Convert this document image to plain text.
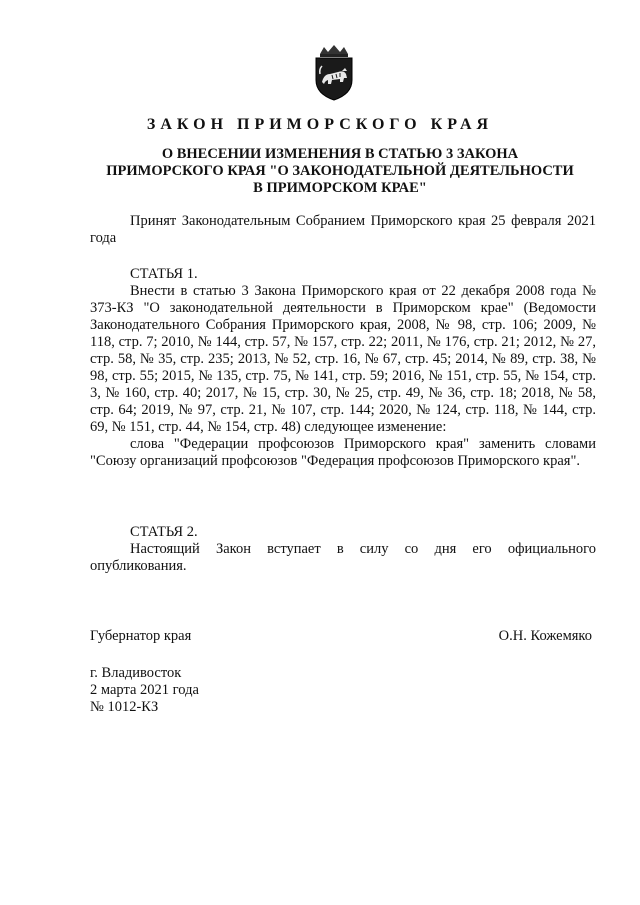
ЗАКОН ПРИМОРСКОГО КРАЯ
О ВНЕСЕНИИ ИЗМЕНЕНИЯ В СТАТЬЮ 3 ЗАКОНА
ПРИМОРСКОГО КРАЯ "О ЗАКОНОДАТЕЛЬНОЙ ДЕЯТЕЛЬНОСТИ
В ПРИМОРСКОМ КРАЕ"

Принят Законодательным Собранием Приморского края 25 февраля 2021 года

СТАТЬЯ 1.

Внести в статью 3 Закона Приморского края от 22 декабря 2008 года № 373-КЗ "О законодательной деятельности в Приморском крае" (Ведомости Законодательного Собрания Приморского края, 2008, № 98, стр. 106; 2009, № 118, стр. 7; 2010, № 144, стр. 57, № 157, стр. 22; 2011, № 176, стр. 21; 2012, № 27, стр. 58, № 35, стр. 235; 2013, № 52, стр. 16, № 67, стр. 45; 2014, № 89, стр. 38, № 98, стр. 55; 2015, № 135, стр. 75, № 141, стр. 59; 2016, № 151, стр. 55, № 154, стр. 3, № 160, стр. 40; 2017, № 15, стр. 30, № 25, стр. 49, № 36, стр. 18; 2018, № 58, стр. 64; 2019, № 97, стр. 21, № 107, стр. 144; 2020, № 124, стр. 118, № 144, стр. 69, № 151, стр. 44, № 154, стр. 48) следующее изменение:

слова "Федерации профсоюзов Приморского края" заменить словами "Союзу организаций профсоюзов "Федерация профсоюзов Приморского края".

СТАТЬЯ 2.

Настоящий Закон вступает в силу со дня его официального опубликования.

Губернатор края	О.Н. Кожемяко
г. Владивосток
2 марта 2021 года
№ 1012-КЗ
